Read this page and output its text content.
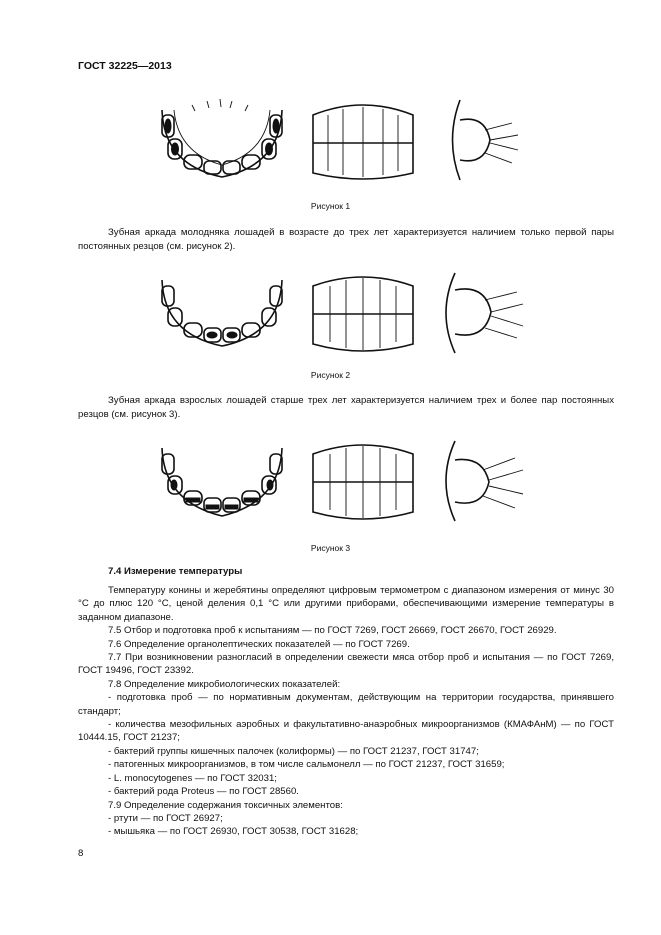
ГОСТ 32225—2013
Рисунок 1
Зубная аркада молодняка лошадей в возрасте до трех лет характеризуется наличием только первой пары постоянных резцов (см. рисунок 2).
Рисунок 2
Зубная аркада взрослых лошадей старше трех лет характеризуется наличием трех и более пар постоянных резцов (см. рисунок 3).
Рисунок 3
7.4 Измерение температуры
Температуру конины и жеребятины определяют цифровым термометром с диапазоном измерения от минус 30 °С до плюс 120 °С, ценой деления 0,1 °С или другими приборами, обеспечивающими измерение температуры в заданном диапазоне.
7.5 Отбор и подготовка проб к испытаниям — по ГОСТ 7269, ГОСТ 26669, ГОСТ 26670, ГОСТ 26929.
7.6 Определение органолептических показателей — по ГОСТ 7269.
7.7 При возникновении разногласий в определении свежести мяса отбор проб и испытания — по ГОСТ 7269, ГОСТ 19496, ГОСТ 23392.
7.8 Определение микробиологических показателей:
- подготовка проб — по нормативным документам, действующим на территории государства, принявшего стандарт;
- количества мезофильных аэробных и факультативно-анаэробных микроорганизмов (КМАФАнМ) — по ГОСТ 10444.15, ГОСТ 21237;
- бактерий группы кишечных палочек (колиформы) — по ГОСТ 21237, ГОСТ 31747;
- патогенных микроорганизмов, в том числе сальмонелл — по ГОСТ 21237, ГОСТ 31659;
- L. monocytogenes — по ГОСТ 32031;
- бактерий рода Proteus — по ГОСТ 28560.
7.9 Определение содержания токсичных элементов:
- ртути — по ГОСТ 26927;
- мышьяка — по ГОСТ 26930, ГОСТ 30538, ГОСТ 31628;
8
